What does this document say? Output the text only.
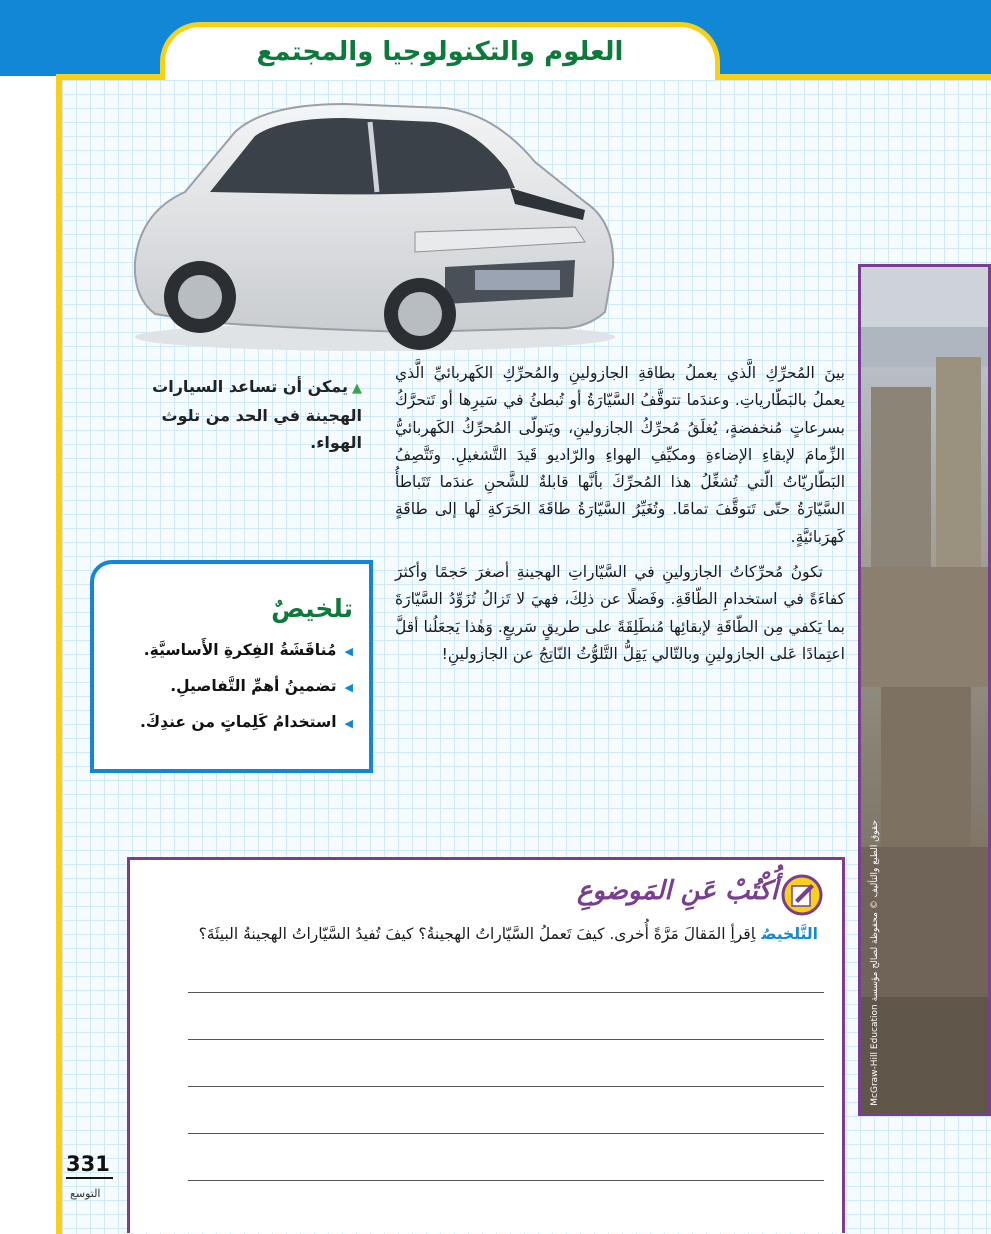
العلوم والتكنولوجيا والمجتمع
▲يمكن أن تساعد السيارات الهجينة في الحد من تلوث الهواء.
حقوق الطبع والتأليف © محفوظة لصالح مؤسسة McGraw-Hill Education
تلخيصٌ
◀مُناقَشَةُ الفِكرةِ الأَساسيَّةِ.
◀تضمينُ أهمِّ التَّفاصيلِ.
◀استخدامُ كَلِماتٍ من عندِكَ.

بينَ المُحرِّكِ الَّذي يعملُ بطاقةِ الجازولينِ والمُحرِّكِ الكَهربائيِّ الَّذي يعملُ بالبَطّارياتِ. وعندَما تتوقَّفُ السَّيّارَةُ أو تُبطئُ في سَيرِها أو تَتحرَّكُ بسرعاتٍ مُنخفضةٍ، يُغلَقُ مُحرِّكُ الجازولينِ، ويَتولّى المُحرِّكُ الكَهربائيُّ الزِّمامَ لإبقاءِ الإضاءةِ ومكيِّفِ الهواءِ والرّاديو قَيدَ التَّشغيلِ. وتَتَّصِفُ البَطّاريّاتُ الّتي تُشغِّلُ هذا المُحرِّكَ بأنَّها قابلةٌ للشَّحنِ عندَما تَتَباطأُ السَّيّارَةُ حتّى تَتوقَّفَ تمامًا. وتُغَيِّرُ السَّيّارَةُ طاقَةَ الحَرَكةِ لَها إلى طاقَةٍ كَهرَبائيَّةٍ.

تكونُ مُحرِّكاتُ الجازولينِ في السَّيّاراتِ الهجينةِ أصغرَ حَجمًا وأكثرَ كفاءَةً في استخدامِ الطّاقَةِ. وفَضلًا عن ذلِكَ، فهيَ لا تَزالُ تُزَوِّدُ السَّيّارَةَ بما يَكفي مِن الطّاقَةِ لإبقائِها مُنطَلِقَةً على طريقٍ سَريعٍ. وَهٰذا يَجعَلُنا أقلَّ اعتِمادًا عَلى الجازولينِ وبالتّالي يَقِلُّ التَّلوُّثُ النّاتِجُ عن الجازولينِ!

أُكْتُبْ عَنِ المَوضوعِ
التَّلخيصُاِقرأِ المَقالَ مَرَّةً أُخرى. كيفَ تَعملُ السَّيّاراتُ الهجينةُ؟ كيفَ تُفيدُ السَّيّاراتُ الهجينةُ البيئَةَ؟
331
التوسع
